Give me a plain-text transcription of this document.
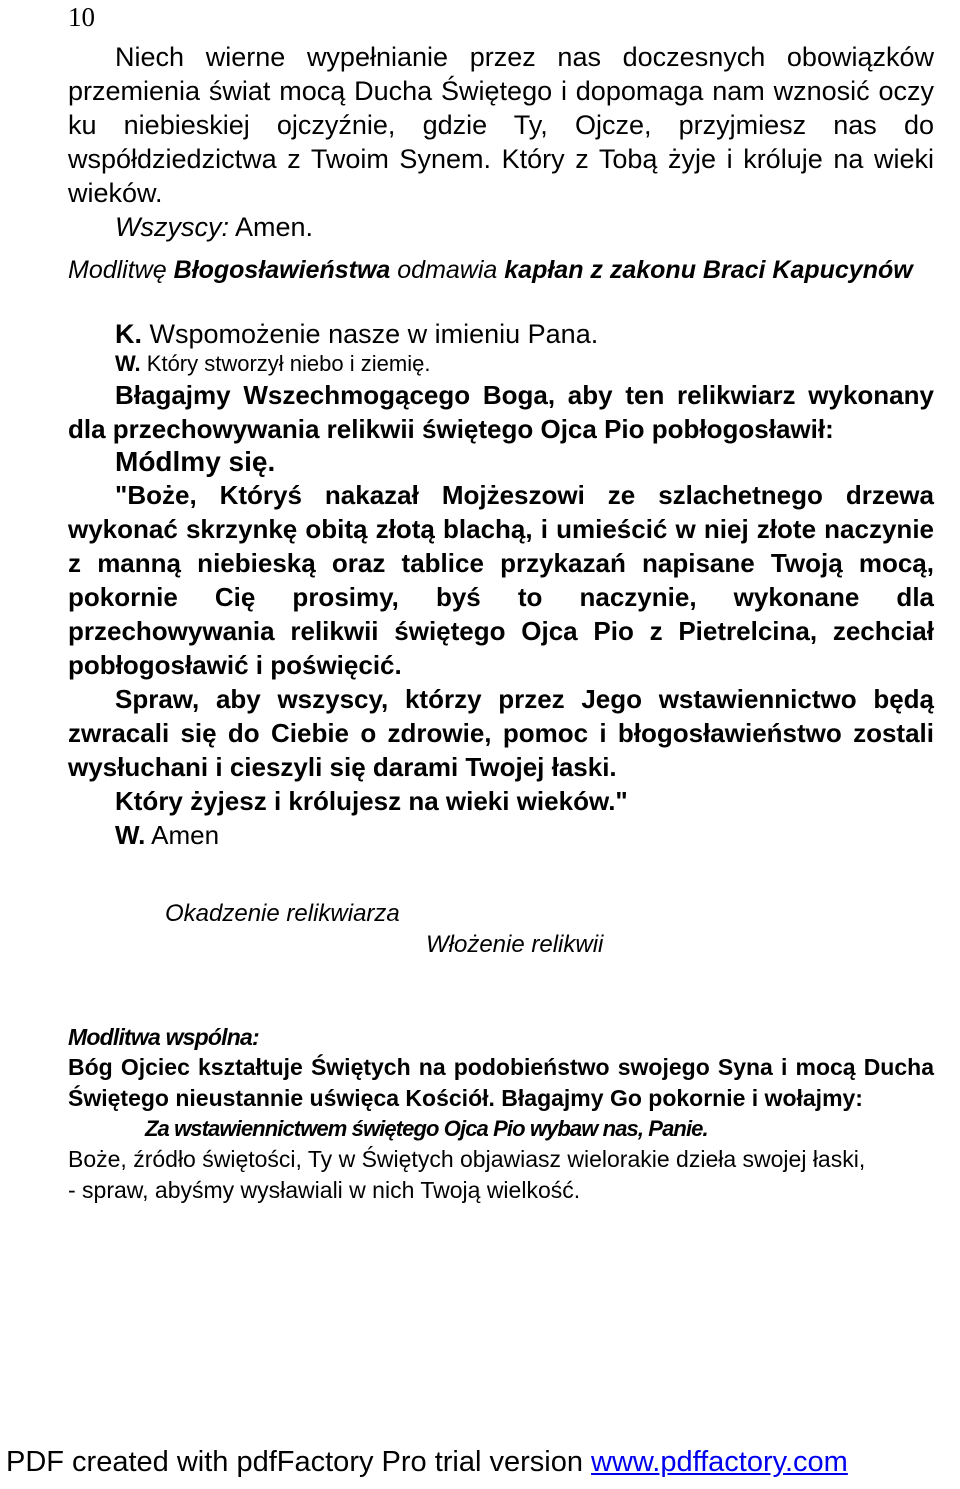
10

Niech wierne wypełnianie przez nas doczesnych obowiązków przemienia świat mocą Ducha Świętego i dopomaga nam wznosić oczy ku niebieskiej ojczyźnie, gdzie Ty, Ojcze, przyjmiesz nas do współdziedzictwa z Twoim Synem. Który z Tobą żyje i króluje na wieki wieków.

Wszyscy: Amen.

Modlitwę Błogosławieństwa odmawia kapłan z zakonu Braci Kapucynów

K. Wspomożenie nasze w imieniu Pana.

W. Który stworzył niebo i ziemię.

Błagajmy Wszechmogącego Boga, aby ten relikwiarz wykonany dla przechowywania relikwii świętego Ojca Pio pobłogosławił:

Módlmy się.

"Boże, Któryś nakazał Mojżeszowi ze szlachetnego drzewa wykonać skrzynkę obitą złotą blachą, i umieścić w niej złote naczynie z manną niebieską oraz tablice przykazań napisane Twoją mocą, pokornie Cię prosimy, byś to naczynie, wykonane dla przechowywania relikwii świętego Ojca Pio z Pietrelcina, zechciał pobłogosławić i poświęcić.

Spraw, aby wszyscy, którzy przez Jego wstawiennictwo będą zwracali się do Ciebie o zdrowie, pomoc i błogosławieństwo zostali wysłuchani i cieszyli się darami Twojej łaski.

Który żyjesz i królujesz na wieki wieków."

W. Amen

Okadzenie relikwiarza

Włożenie relikwii

Modlitwa wspólna:

Bóg Ojciec kształtuje Świętych na podobieństwo swojego Syna i mocą Ducha Świętego nieustannie uświęca Kościół. Błagajmy Go pokornie i wołajmy:

Za wstawiennictwem świętego Ojca Pio wybaw nas, Panie.

Boże, źródło świętości, Ty w Świętych objawiasz wielorakie dzieła swojej łaski,

- spraw, abyśmy wysławiali w nich Twoją wielkość.

PDF created with pdfFactory Pro trial version www.pdffactory.com
